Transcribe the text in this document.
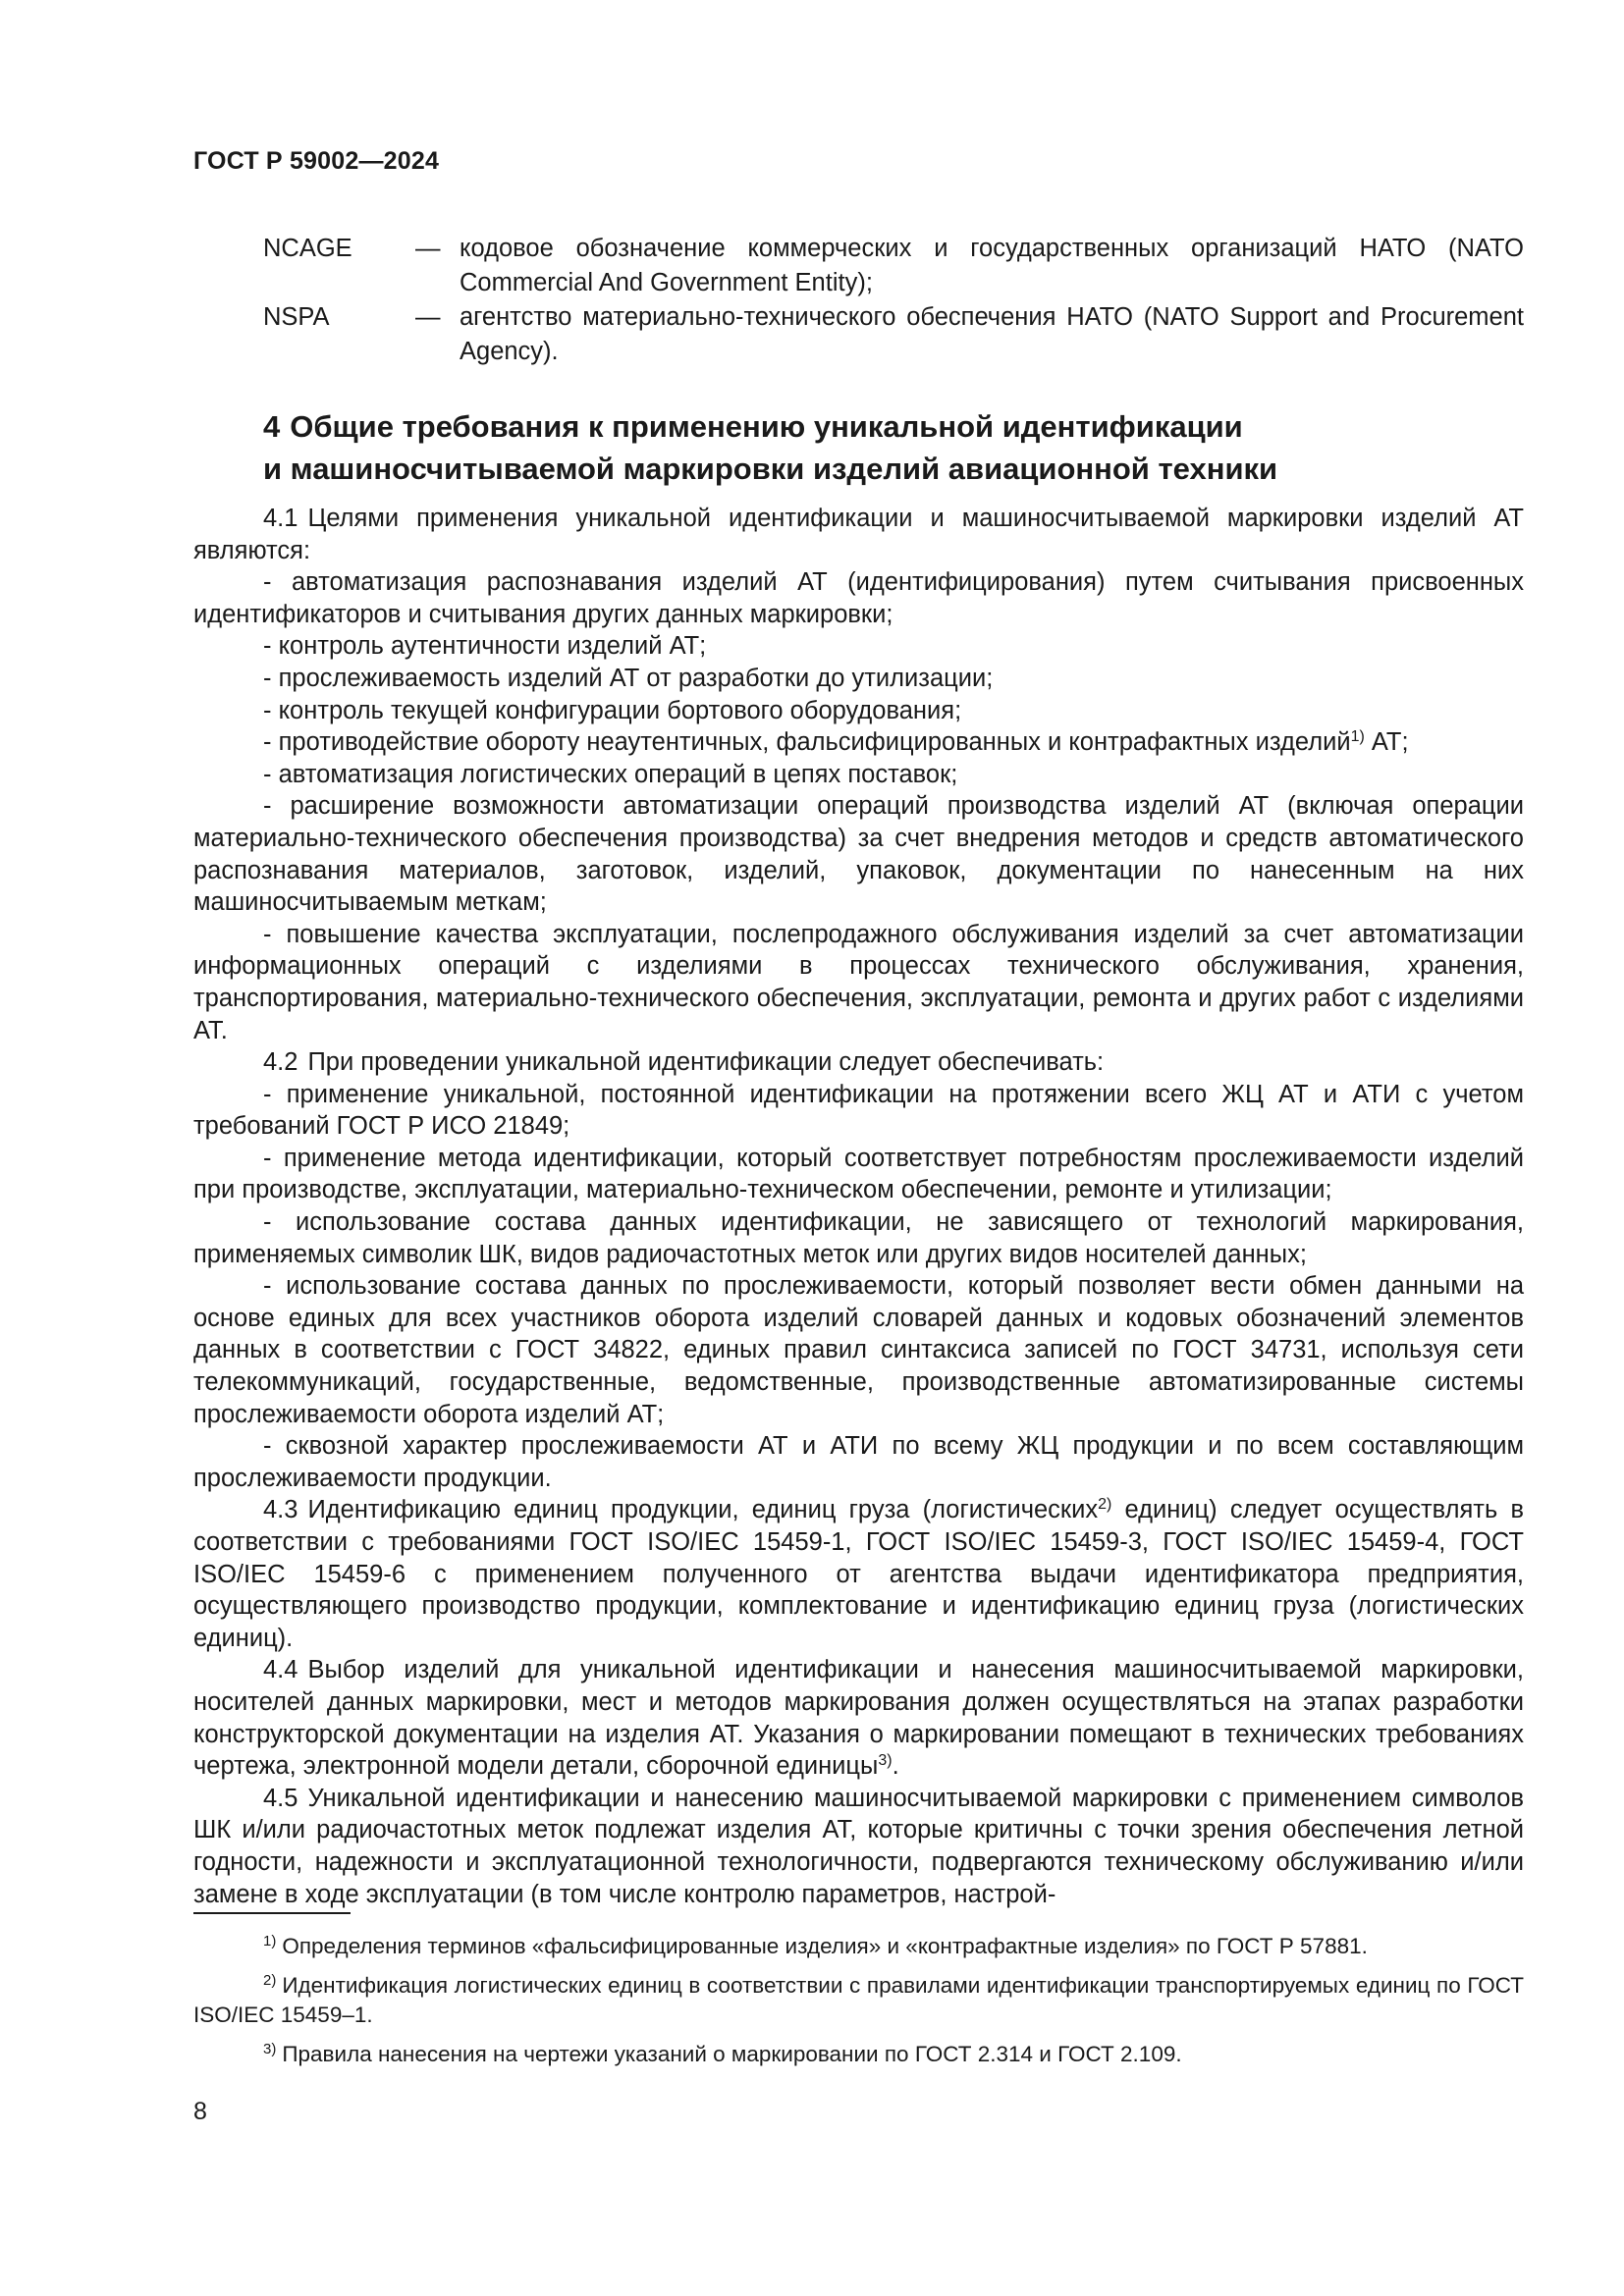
ГОСТ Р 59002—2024
NCAGE	— кодовое обозначение коммерческих и государственных организаций НАТО (NATO Commercial And Government Entity);
NSPA	— агентство материально-технического обеспечения НАТО (NATO Support and Procurement Agency).
4 Общие требования к применению уникальной идентификации
и машиносчитываемой маркировки изделий авиационной техники

4.1 Целями применения уникальной идентификации и машиносчитываемой маркировки изделий АТ являются:

- автоматизация распознавания изделий АТ (идентифицирования) путем считывания присвоенных идентификаторов и считывания других данных маркировки;

- контроль аутентичности изделий АТ;

- прослеживаемость изделий АТ от разработки до утилизации;

- контроль текущей конфигурации бортового оборудования;

- противодействие обороту неаутентичных, фальсифицированных и контрафактных изделий$^{1)}$ АТ;

- автоматизация логистических операций в цепях поставок;

- расширение возможности автоматизации операций производства изделий АТ (включая операции материально-технического обеспечения производства) за счет внедрения методов и средств автоматического распознавания материалов, заготовок, изделий, упаковок, документации по нанесенным на них машиносчитываемым меткам;

- повышение качества эксплуатации, послепродажного обслуживания изделий за счет автоматизации информационных операций с изделиями в процессах технического обслуживания, хранения, транспортирования, материально-технического обеспечения, эксплуатации, ремонта и других работ с изделиями АТ.

4.2 При проведении уникальной идентификации следует обеспечивать:

- применение уникальной, постоянной идентификации на протяжении всего ЖЦ АТ и АТИ с учетом требований ГОСТ Р ИСО 21849;

- применение метода идентификации, который соответствует потребностям прослеживаемости изделий при производстве, эксплуатации, материально-техническом обеспечении, ремонте и утилизации;

- использование состава данных идентификации, не зависящего от технологий маркирования, применяемых символик ШК, видов радиочастотных меток или других видов носителей данных;

- использование состава данных по прослеживаемости, который позволяет вести обмен данными на основе единых для всех участников оборота изделий словарей данных и кодовых обозначений элементов данных в соответствии с ГОСТ 34822, единых правил синтаксиса записей по ГОСТ 34731, используя сети телекоммуникаций, государственные, ведомственные, производственные автоматизированные системы прослеживаемости оборота изделий АТ;

- сквозной характер прослеживаемости АТ и АТИ по всему ЖЦ продукции и по всем составляющим прослеживаемости продукции.

4.3 Идентификацию единиц продукции, единиц груза (логистических$^{2)}$ единиц) следует осуществлять в соответствии с требованиями ГОСТ ISO/IEC 15459-1, ГОСТ ISO/IEC 15459-3, ГОСТ ISO/IEC 15459-4, ГОСТ ISO/IEC 15459-6 с применением полученного от агентства выдачи идентификатора предприятия, осуществляющего производство продукции, комплектование и идентификацию единиц груза (логистических единиц).

4.4 Выбор изделий для уникальной идентификации и нанесения машиносчитываемой маркировки, носителей данных маркировки, мест и методов маркирования должен осуществляться на этапах разработки конструкторской документации на изделия АТ. Указания о маркировании помещают в технических требованиях чертежа, электронной модели детали, сборочной единицы$^{3)}$.

4.5 Уникальной идентификации и нанесению машиносчитываемой маркировки с применением символов ШК и/или радиочастотных меток подлежат изделия АТ, которые критичны с точки зрения обеспечения летной годности, надежности и эксплуатационной технологичности, подвергаются техническому обслуживанию и/или замене в ходе эксплуатации (в том числе контролю параметров, настрой-

$^{1)}$ Определения терминов «фальсифицированные изделия» и «контрафактные изделия» по ГОСТ Р 57881.

$^{2)}$ Идентификация логистических единиц в соответствии с правилами идентификации транспортируемых единиц по ГОСТ ISO/IEC 15459–1.

$^{3)}$ Правила нанесения на чертежи указаний о маркировании по ГОСТ 2.314 и ГОСТ 2.109.

8
